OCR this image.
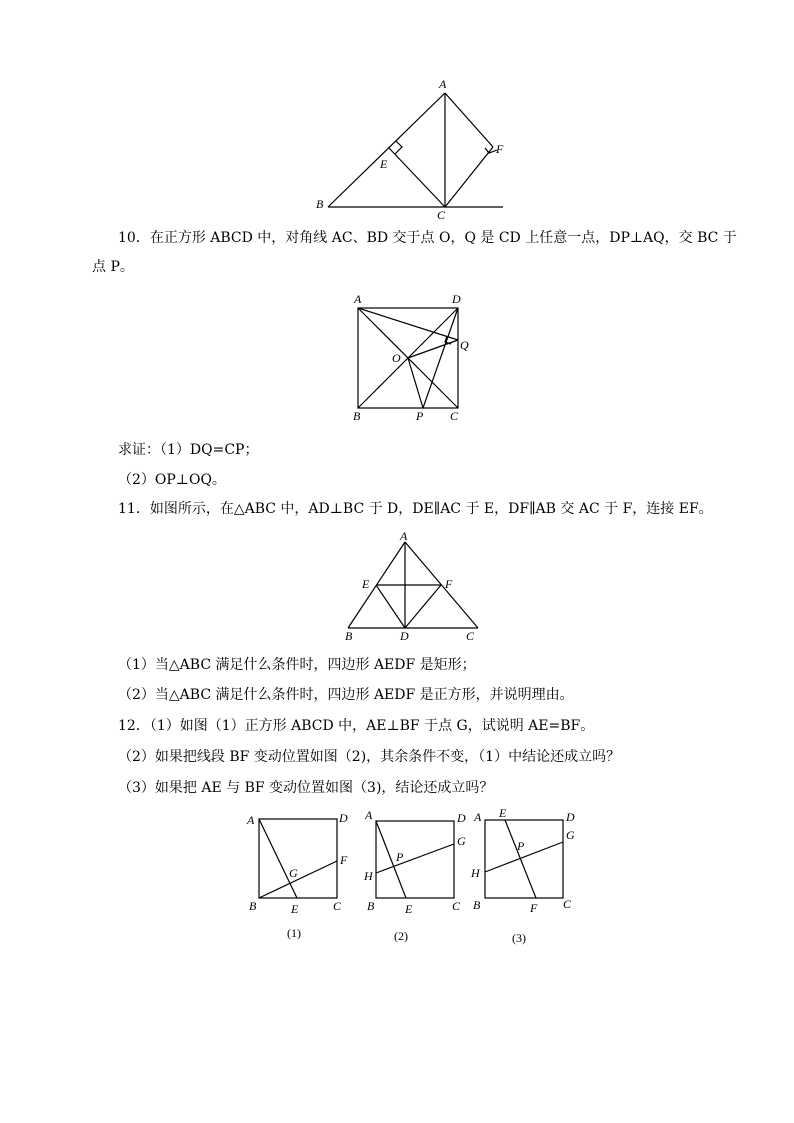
A
E
F
B
C
10．在正方形 ABCD 中，对角线 AC、BD 交于点 O，Q 是 CD 上任意一点，DP⊥AQ，交 BC 于
点 P。
A	D
O
Q
B	P C
求证：（1）DQ=CP；
（2）OP⊥OQ。
11．如图所示，在△ABC 中，AD⊥BC 于 D，DE∥AC 于 E，DF∥AB 交 AC 于 F，连接 EF。
A
E	F
B	D	C
（1）当△ABC 满足什么条件时，四边形 AEDF 是矩形；
（2）当△ABC 满足什么条件时，四边形 AEDF 是正方形，并说明理由。
12．（1）如图（1）正方形 ABCD 中，AE⊥BF 于点 G，试说明 AE=BF。
（2）如果把线段 BF 变动位置如图（2)，其余条件不变，（1）中结论还成立吗？
（3）如果把 AE 与 BF 变动位置如图（3)，结论还成立吗？
A	D
F
G
B	E	C
(1)
A	D
G
P
H
B	E	C
(2)
A E	D
G
P
H
B	F C
(3)
